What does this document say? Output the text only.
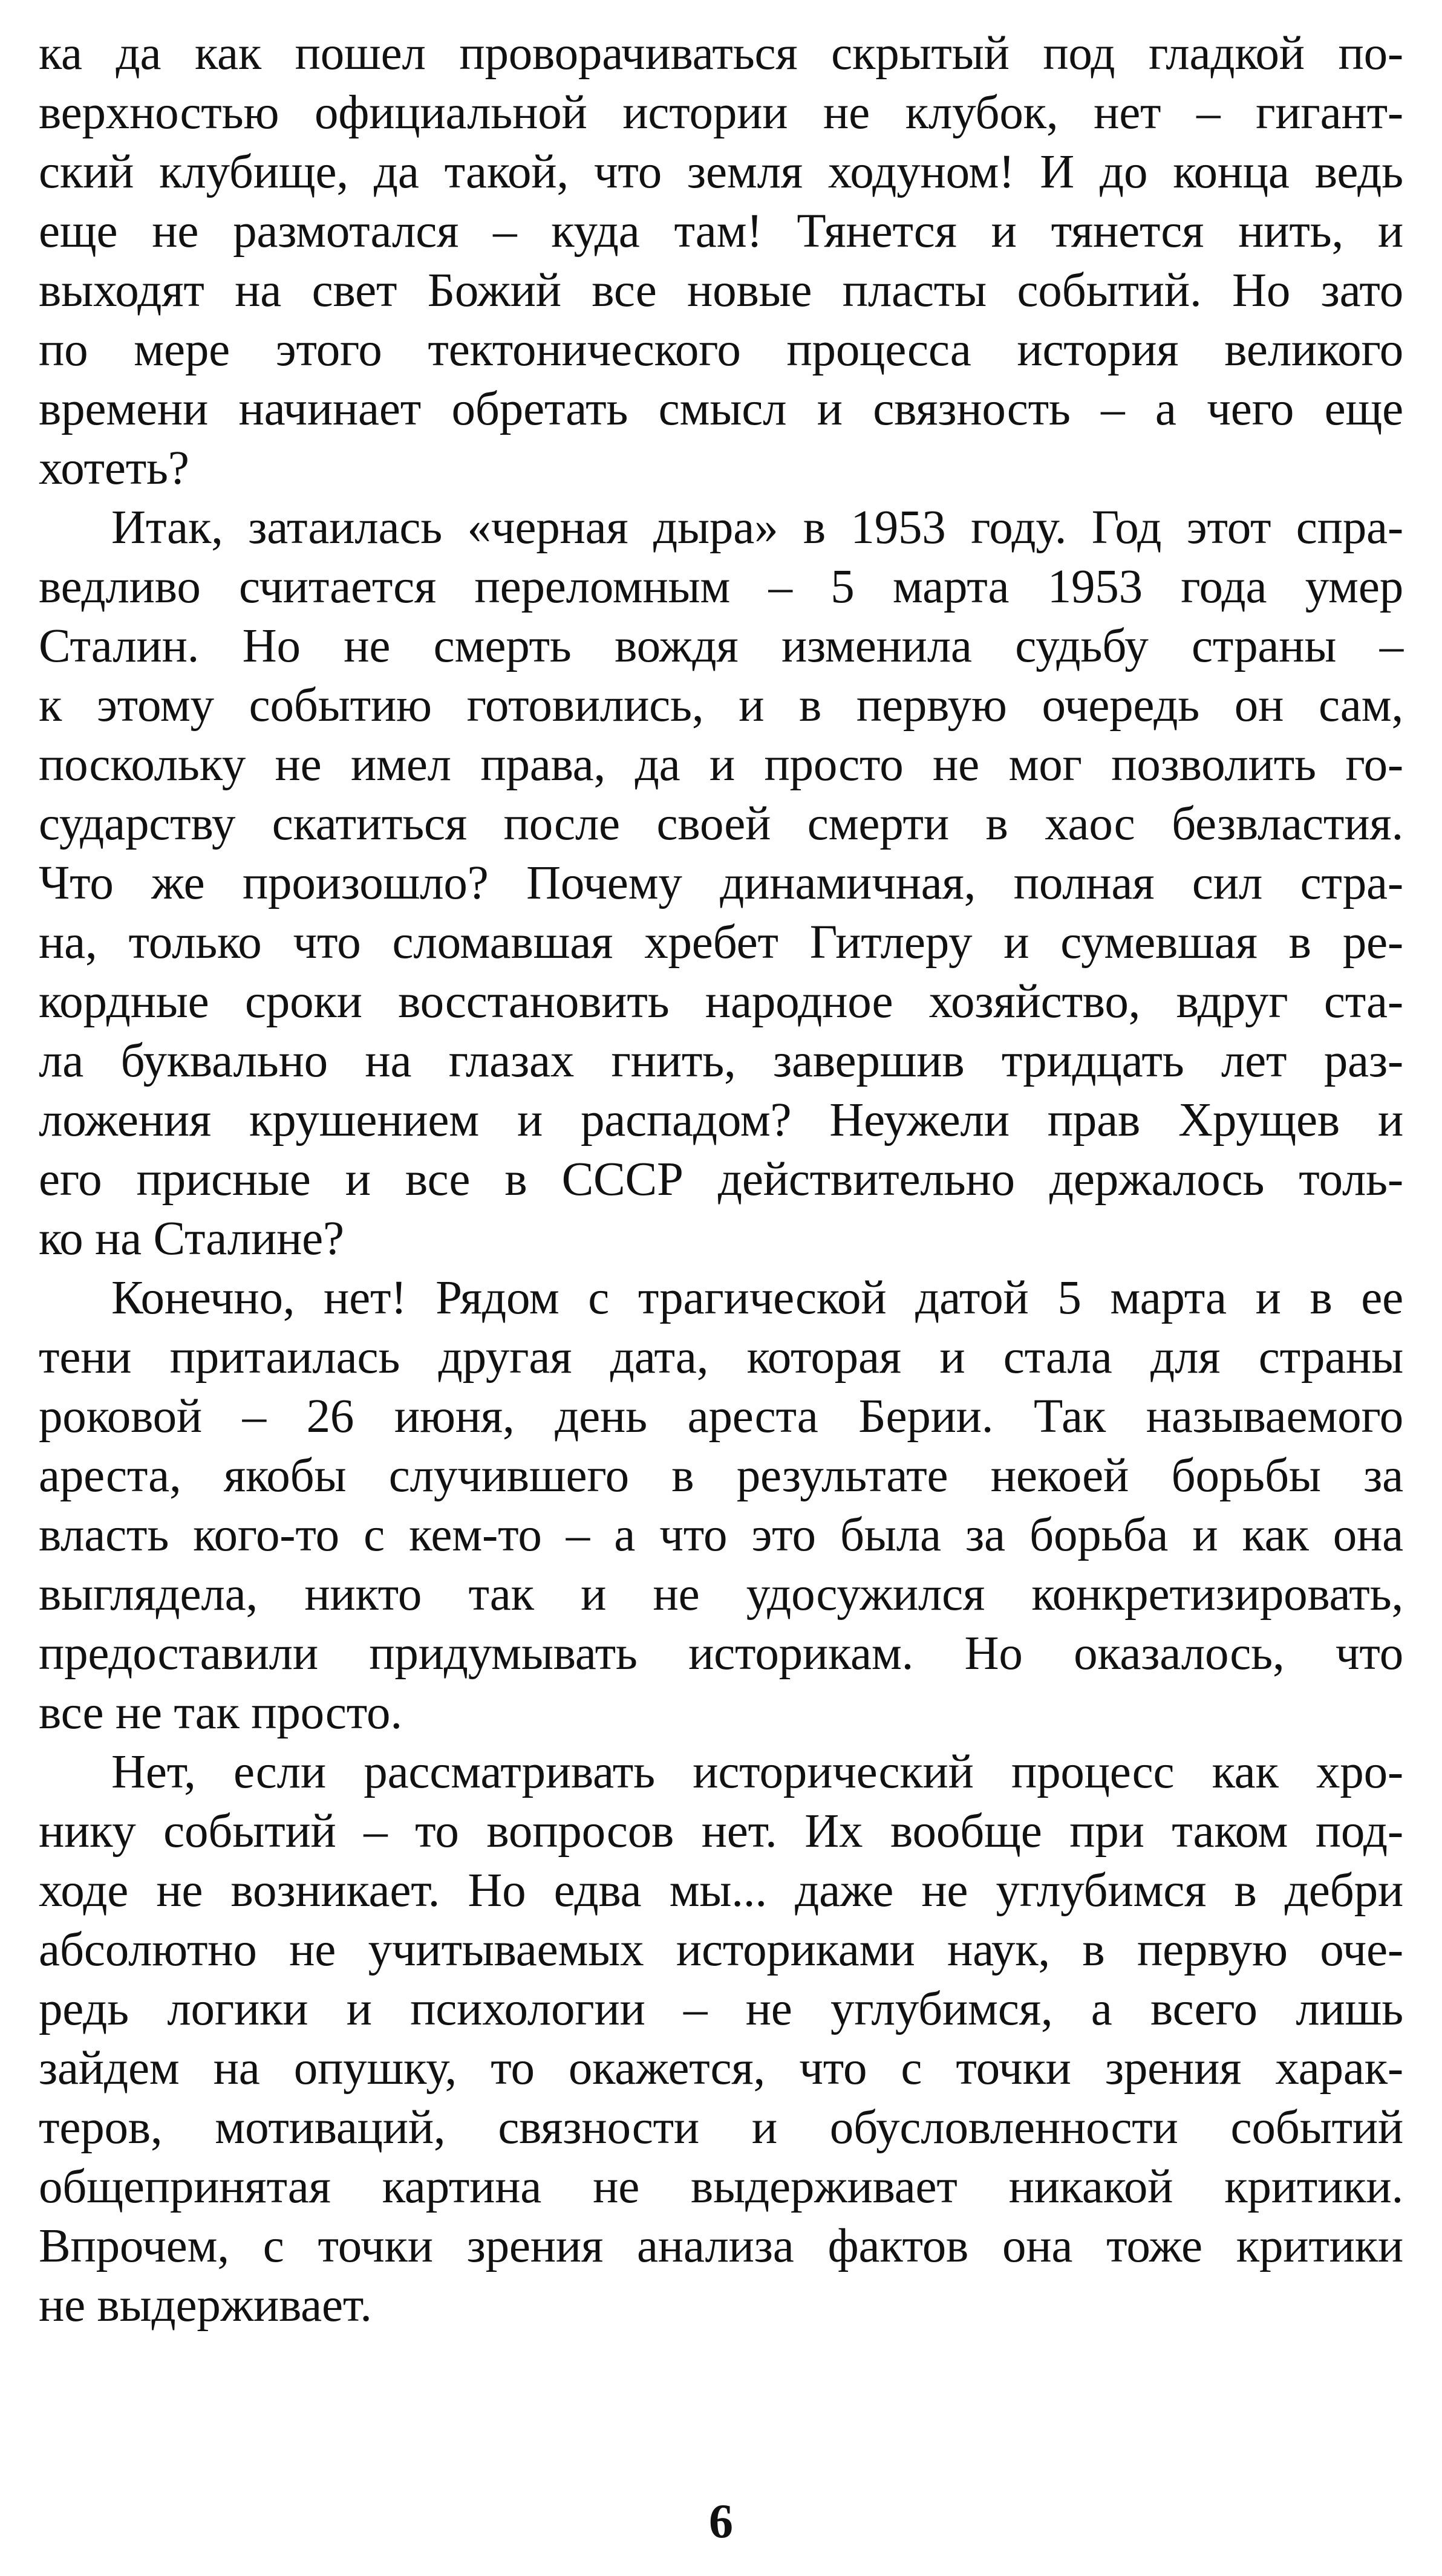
ка да как пошел проворачиваться скрытый под гладкой по-
верхностью официальной истории не клубок, нет – гигант-
ский клубище, да такой, что земля ходуном! И до конца ведь
еще не размотался – куда там! Тянется и тянется нить, и
выходят на свет Божий все новые пласты событий. Но зато
по мере этого тектонического процесса история великого
времени начинает обретать смысл и связность – а чего еще
хотеть?
Итак, затаилась «черная дыра» в 1953 году. Год этот спра-
ведливо считается переломным – 5 марта 1953 года умер
Сталин. Но не смерть вождя изменила судьбу страны –
к этому событию готовились, и в первую очередь он сам,
поскольку не имел права, да и просто не мог позволить го-
сударству скатиться после своей смерти в хаос безвластия.
Что же произошло? Почему динамичная, полная сил стра-
на, только что сломавшая хребет Гитлеру и сумевшая в ре-
кордные сроки восстановить народное хозяйство, вдруг ста-
ла буквально на глазах гнить, завершив тридцать лет раз-
ложения крушением и распадом? Неужели прав Хрущев и
его присные и все в СССР действительно держалось толь-
ко на Сталине?
Конечно, нет! Рядом с трагической датой 5 марта и в ее
тени притаилась другая дата, которая и стала для страны
роковой – 26 июня, день ареста Берии. Так называемого
ареста, якобы случившего в результате некоей борьбы за
власть кого-то с кем-то – а что это была за борьба и как она
выглядела, никто так и не удосужился конкретизировать,
предоставили придумывать историкам. Но оказалось, что
все не так просто.
Нет, если рассматривать исторический процесс как хро-
нику событий – то вопросов нет. Их вообще при таком под-
ходе не возникает. Но едва мы... даже не углубимся в дебри
абсолютно не учитываемых историками наук, в первую оче-
редь логики и психологии – не углубимся, а всего лишь
зайдем на опушку, то окажется, что с точки зрения харак-
теров, мотиваций, связности и обусловленности событий
общепринятая картина не выдерживает никакой критики.
Впрочем, с точки зрения анализа фактов она тоже критики
не выдерживает.
6
